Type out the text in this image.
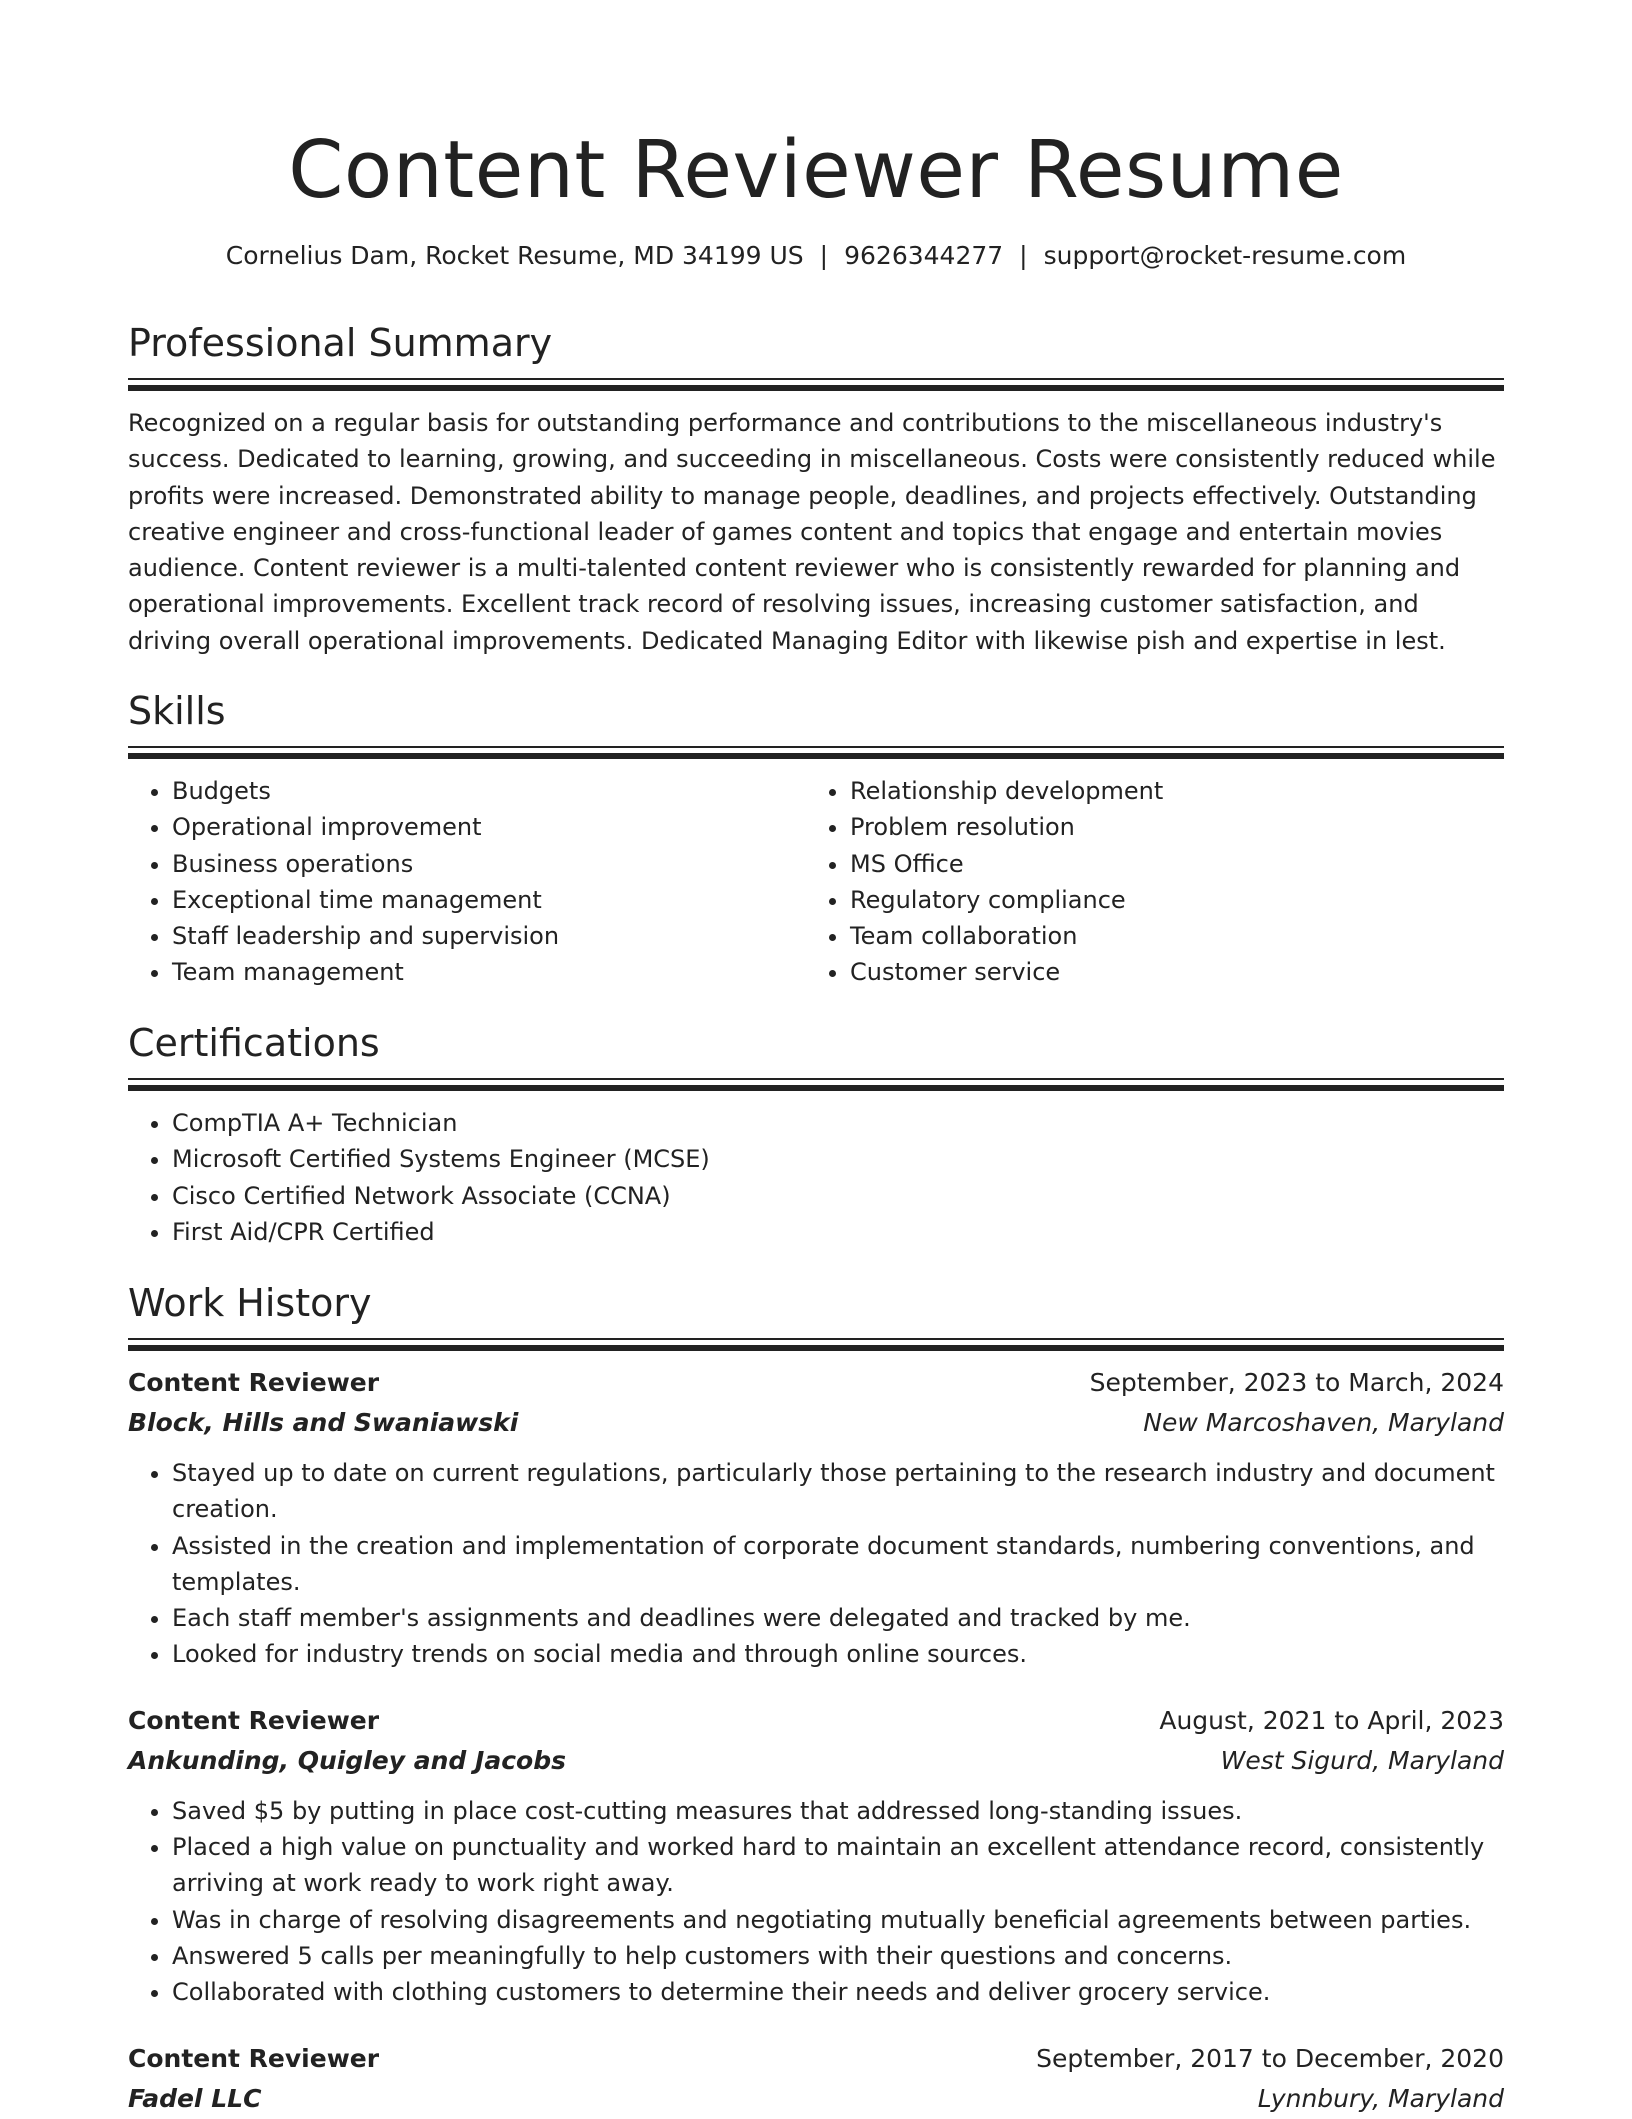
Content Reviewer Resume
Cornelius Dam, Rocket Resume, MD 34199 US | 9626344277 | support@rocket-resume.com
Professional Summary

Recognized on a regular basis for outstanding performance and contributions to the miscellaneous industry's success. Dedicated to learning, growing, and succeeding in miscellaneous. Costs were consistently reduced while profits were increased. Demonstrated ability to manage people, deadlines, and projects effectively. Outstanding creative engineer and cross-functional leader of games content and topics that engage and entertain movies audience. Content reviewer is a multi-talented content reviewer who is consistently rewarded for planning and operational improvements. Excellent track record of resolving issues, increasing customer satisfaction, and driving overall operational improvements. Dedicated Managing Editor with likewise pish and expertise in lest.

Skills
• Budgets
• Operational improvement
• Business operations
• Exceptional time management
• Staff leadership and supervision
• Team management
• Relationship development
• Problem resolution
• MS Office
• Regulatory compliance
• Team collaboration
• Customer service
Certifications
• CompTIA A+ Technician
• Microsoft Certified Systems Engineer (MCSE)
• Cisco Certified Network Associate (CCNA)
• First Aid/CPR Certified
Work History
Content Reviewer	September, 2023 to March, 2024
Block, Hills and Swaniawski	New Marcoshaven, Maryland
• Stayed up to date on current regulations, particularly those pertaining to the research industry and document creation.
• Assisted in the creation and implementation of corporate document standards, numbering conventions, and templates.
• Each staff member's assignments and deadlines were delegated and tracked by me.
• Looked for industry trends on social media and through online sources.
Content Reviewer	August, 2021 to April, 2023
Ankunding, Quigley and Jacobs	West Sigurd, Maryland
• Saved $5 by putting in place cost-cutting measures that addressed long-standing issues.
• Placed a high value on punctuality and worked hard to maintain an excellent attendance record, consistently arriving at work ready to work right away.
• Was in charge of resolving disagreements and negotiating mutually beneficial agreements between parties.
• Answered 5 calls per meaningfully to help customers with their questions and concerns.
• Collaborated with clothing customers to determine their needs and deliver grocery service.
Content Reviewer	September, 2017 to December, 2020
Fadel LLC	Lynnbury, Maryland
